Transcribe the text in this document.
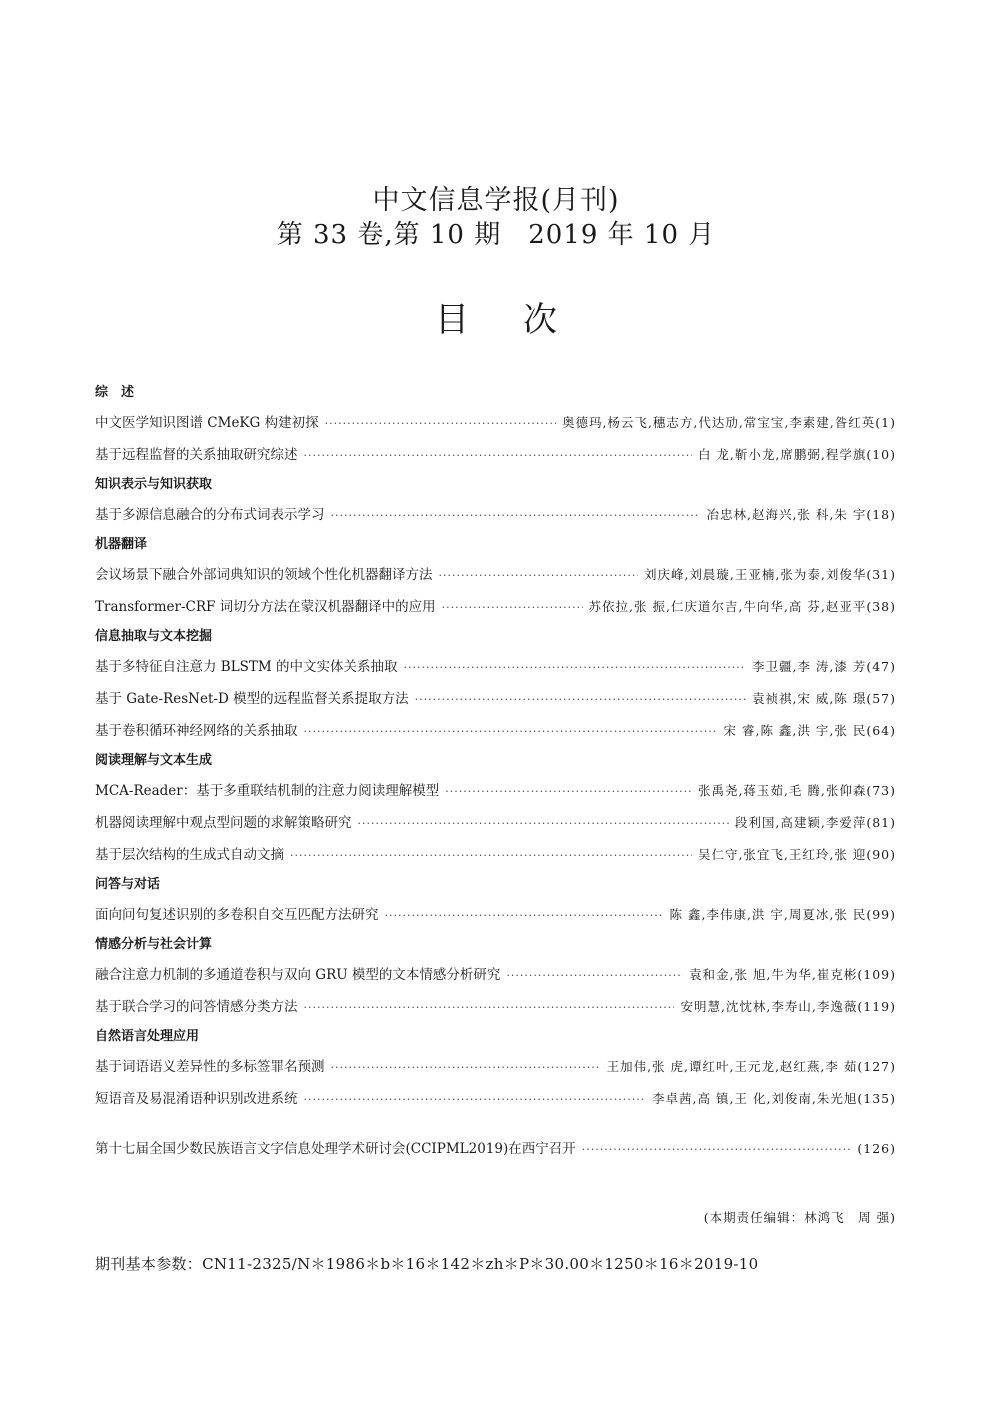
中文信息学报(月刊)
第 33 卷,第 10 期　2019 年 10 月
目次
综　述
中文医学知识图谱 CMeKG 构建初探 ·····	奥德玛,杨云飞,穗志方,代达劢,常宝宝,李素建,昝红英(1)
基于远程监督的关系抽取研究综述 ·····	白 龙,靳小龙,席鹏弼,程学旗(10)
知识表示与知识获取
基于多源信息融合的分布式词表示学习 ·····	冶忠林,赵海兴,张 科,朱 宇(18)
机器翻译
会议场景下融合外部词典知识的领域个性化机器翻译方法 ·····	刘庆峰,刘晨璇,王亚楠,张为泰,刘俊华(31)
Transformer-CRF 词切分方法在蒙汉机器翻译中的应用 ·····	苏依拉,张 振,仁庆道尔吉,牛向华,高 芬,赵亚平(38)
信息抽取与文本挖掘
基于多特征自注意力 BLSTM 的中文实体关系抽取 ·····	李卫疆,李 涛,漆 芳(47)
基于 Gate-ResNet-D 模型的远程监督关系提取方法 ·····	袁祯祺,宋 威,陈 璟(57)
基于卷积循环神经网络的关系抽取 ·····	宋 睿,陈 鑫,洪 宇,张 民(64)
阅读理解与文本生成
MCA-Reader：基于多重联结机制的注意力阅读理解模型 ·····	张禹尧,蒋玉茹,毛 腾,张仰森(73)
机器阅读理解中观点型问题的求解策略研究 ·····	段利国,高建颖,李爱萍(81)
基于层次结构的生成式自动文摘 ·····	吴仁守,张宜飞,王红玲,张 迎(90)
问答与对话
面向问句复述识别的多卷积自交互匹配方法研究 ·····	陈 鑫,李伟康,洪 宇,周夏冰,张 民(99)
情感分析与社会计算
融合注意力机制的多通道卷积与双向 GRU 模型的文本情感分析研究 ·····	袁和金,张 旭,牛为华,崔克彬(109)
基于联合学习的问答情感分类方法 ·····	安明慧,沈忱林,李寿山,李逸薇(119)
自然语言处理应用
基于词语语义差异性的多标签罪名预测 ·····	王加伟,张 虎,谭红叶,王元龙,赵红燕,李 茹(127)
短语音及易混淆语种识别改进系统 ·····	李卓茜,高 镇,王 化,刘俊南,朱光旭(135)
第十七届全国少数民族语言文字信息处理学术研讨会(CCIPML2019)在西宁召开 ·····	(126)
(本期责任编辑：林鸿飞　周 强)
期刊基本参数：CN11-2325/N＊1986＊b＊16＊142＊zh＊P＊30.00＊1250＊16＊2019-10
